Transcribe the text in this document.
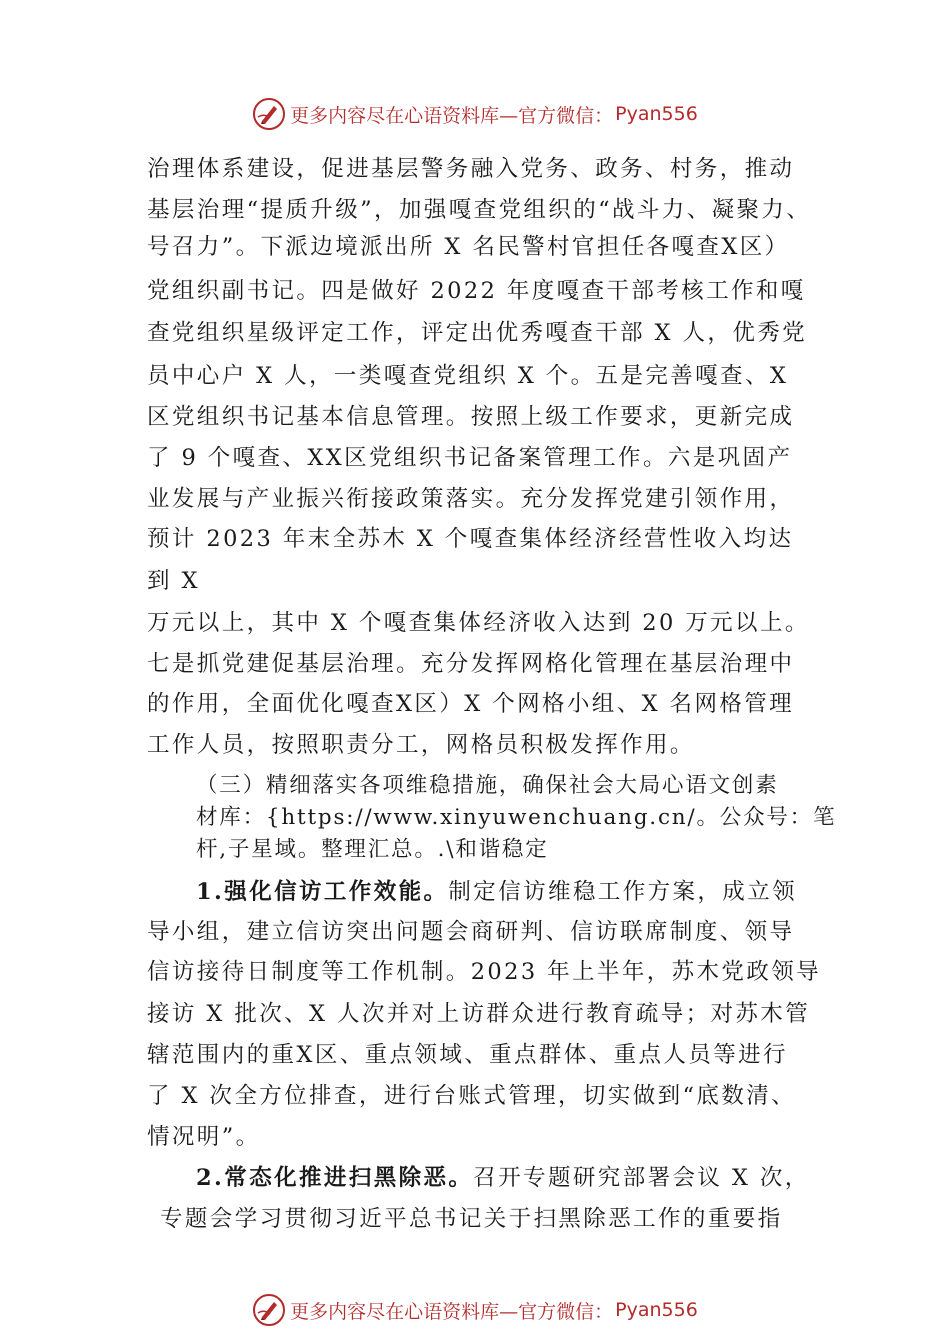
更多内容尽在心语资料库—官方微信： Pyan556
治理体系建设，促进基层警务融入党务、政务、村务，推动
基层治理“提质升级”，加强嘎查党组织的“战斗力、凝聚力、
号召力”。下派边境派出所 X 名民警村官担任各嘎查Ⅹ区）
党组织副书记。四是做好 2022 年度嘎查干部考核工作和嘎
查党组织星级评定工作，评定出优秀嘎查干部 X 人，优秀党
员中心户 X 人，一类嘎查党组织 X 个。五是完善嘎查、Ⅹ
区党组织书记基本信息管理。按照上级工作要求，更新完成
了 9 个嘎查、XⅩ区党组织书记备案管理工作。六是巩固产
业发展与产业振兴衔接政策落实。充分发挥党建引领作用，
预计 2023 年末全苏木 X 个嘎查集体经济经营性收入均达
到 X
万元以上，其中 X 个嘎查集体经济收入达到 20 万元以上。
七是抓党建促基层治理。充分发挥网格化管理在基层治理中
的作用，全面优化嘎查Ⅹ区）X 个网格小组、X 名网格管理
工作人员，按照职责分工，网格员积极发挥作用。
（三）精细落实各项维稳措施，确保社会大局心语文创素
材库：{https://www.xinyuwenchuang.cn/。公众号：笔
杆,子星域。整理汇总。.\和谐稳定
1.强化信访工作效能。制定信访维稳工作方案，成立领
导小组，建立信访突出问题会商研判、信访联席制度、领导
信访接待日制度等工作机制。2023 年上半年，苏木党政领导
接访 X 批次、X 人次并对上访群众进行教育疏导；对苏木管
辖范围内的重Ⅹ区、重点领域、重点群体、重点人员等进行
了 X 次全方位排查，进行台账式管理，切实做到“底数清、
情况明”。
2.常态化推进扫黑除恶。召开专题研究部署会议 X 次，
专题会学习贯彻习近平总书记关于扫黑除恶工作的重要指
更多内容尽在心语资料库—官方微信： Pyan556
